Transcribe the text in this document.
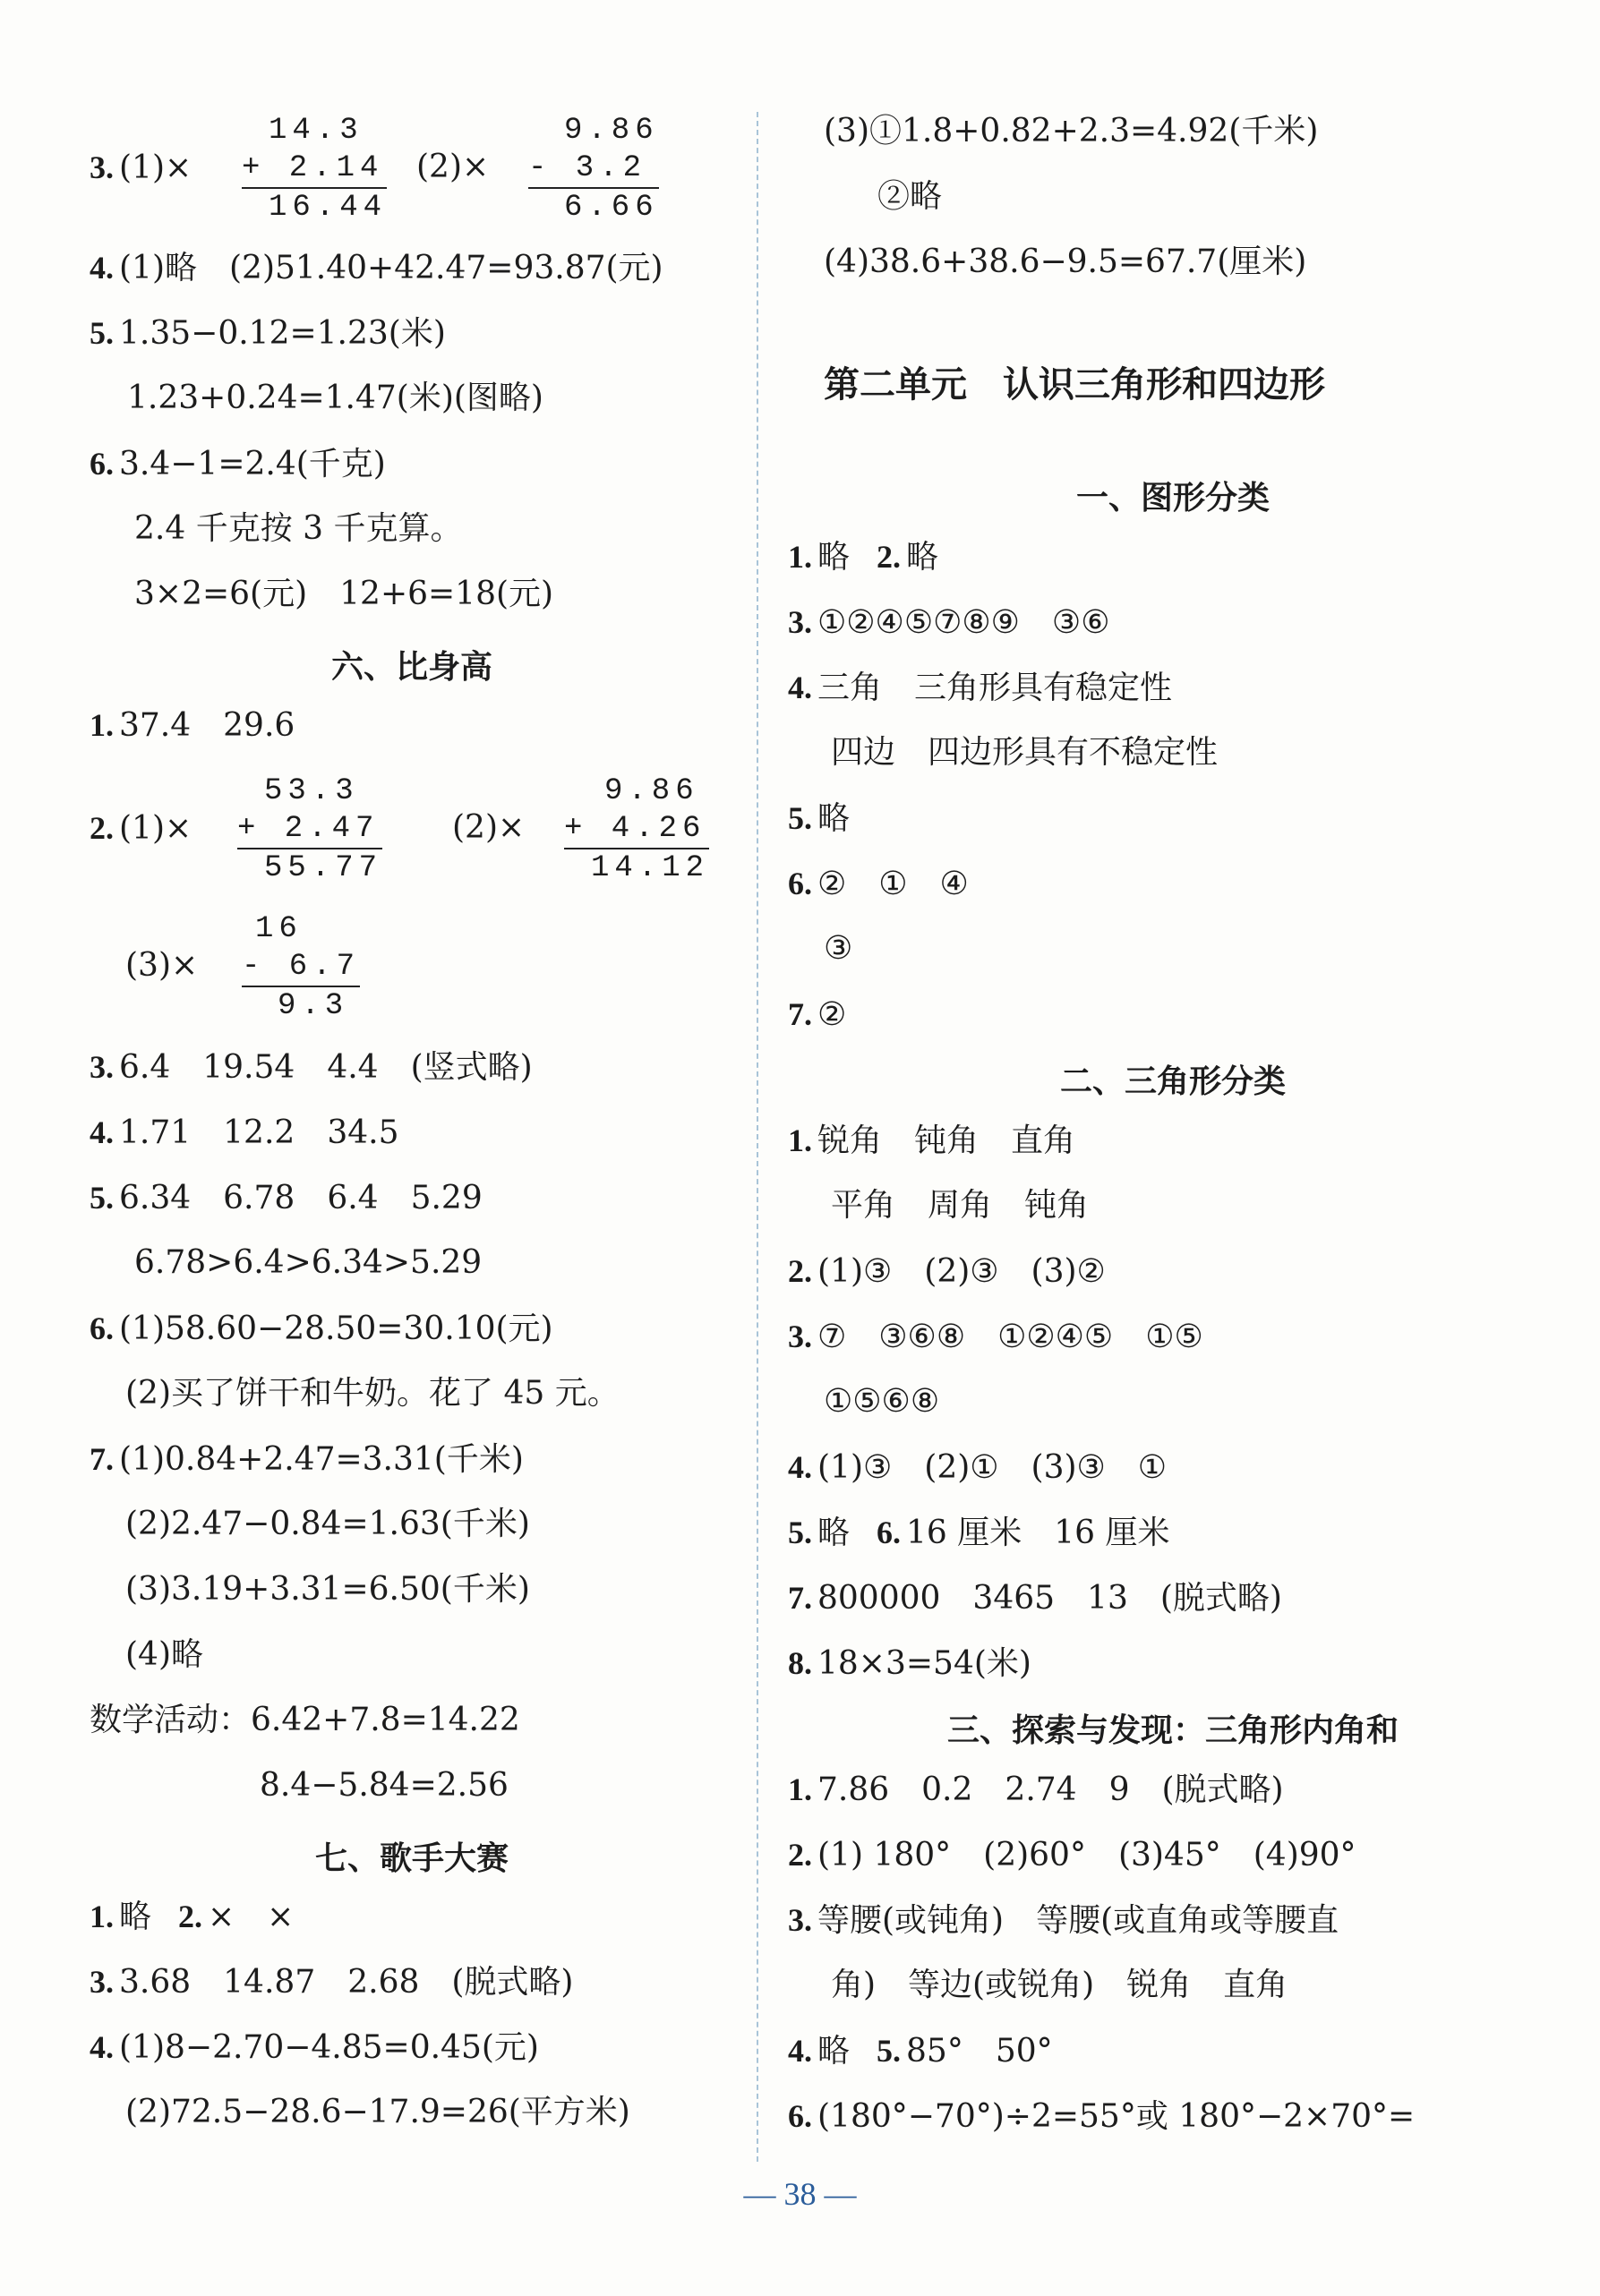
3. (1)×
14.3
+ 2.14
16.44
(2)×
9.86
- 3.2
6.66
4. (1)略　(2)51.40+42.47=93.87(元)
5. 1.35−0.12=1.23(米)
1.23+0.24=1.47(米)(图略)
6. 3.4−1=2.4(千克)
2.4 千克按 3 千克算。
3×2=6(元)　12+6=18(元)
六、比身高
1. 37.4　29.6
2. (1)×
53.3
+ 2.47
55.77
(2)×
9.86
+ 4.26
14.12
(3)×
16
- 6.7
9.3
3. 6.4　19.54　4.4　(竖式略)
4. 1.71　12.2　34.5
5. 6.34　6.78　6.4　5.29
6.78>6.4>6.34>5.29
6. (1)58.60−28.50=30.10(元)
(2)买了饼干和牛奶。花了 45 元。
7. (1)0.84+2.47=3.31(千米)
(2)2.47−0.84=1.63(千米)
(3)3.19+3.31=6.50(千米)
(4)略
数学活动：6.42+7.8=14.22
8.4−5.84=2.56
七、歌手大赛
1. 略 2. ×　×
3. 3.68　14.87　2.68　(脱式略)
4. (1)8−2.70−4.85=0.45(元)
(2)72.5−28.6−17.9=26(平方米)
(3)①1.8+0.82+2.3=4.92(千米)
②略
(4)38.6+38.6−9.5=67.7(厘米)
第二单元　认识三角形和四边形
一、图形分类
1. 略 2. 略
3. ①②④⑤⑦⑧⑨　③⑥
4. 三角　三角形具有稳定性
四边　四边形具有不稳定性
5. 略
6. ②　①　④
③
7. ②
二、三角形分类
1. 锐角　钝角　直角
平角　周角　钝角
2. (1)③　(2)③　(3)②
3. ⑦　③⑥⑧　①②④⑤　①⑤
①⑤⑥⑧
4. (1)③　(2)①　(3)③　①
5. 略 6. 16 厘米　16 厘米
7. 800000　3465　13　(脱式略)
8. 18×3=54(米)
三、探索与发现：三角形内角和
1. 7.86　0.2　2.74　9　(脱式略)
2. (1) 180°　(2)60°　(3)45°　(4)90°
3. 等腰(或钝角)　等腰(或直角或等腰直
角)　等边(或锐角)　锐角　直角
4. 略 5. 85°　50°
6. (180°−70°)÷2=55°或 180°−2×70°=
— 38 —
